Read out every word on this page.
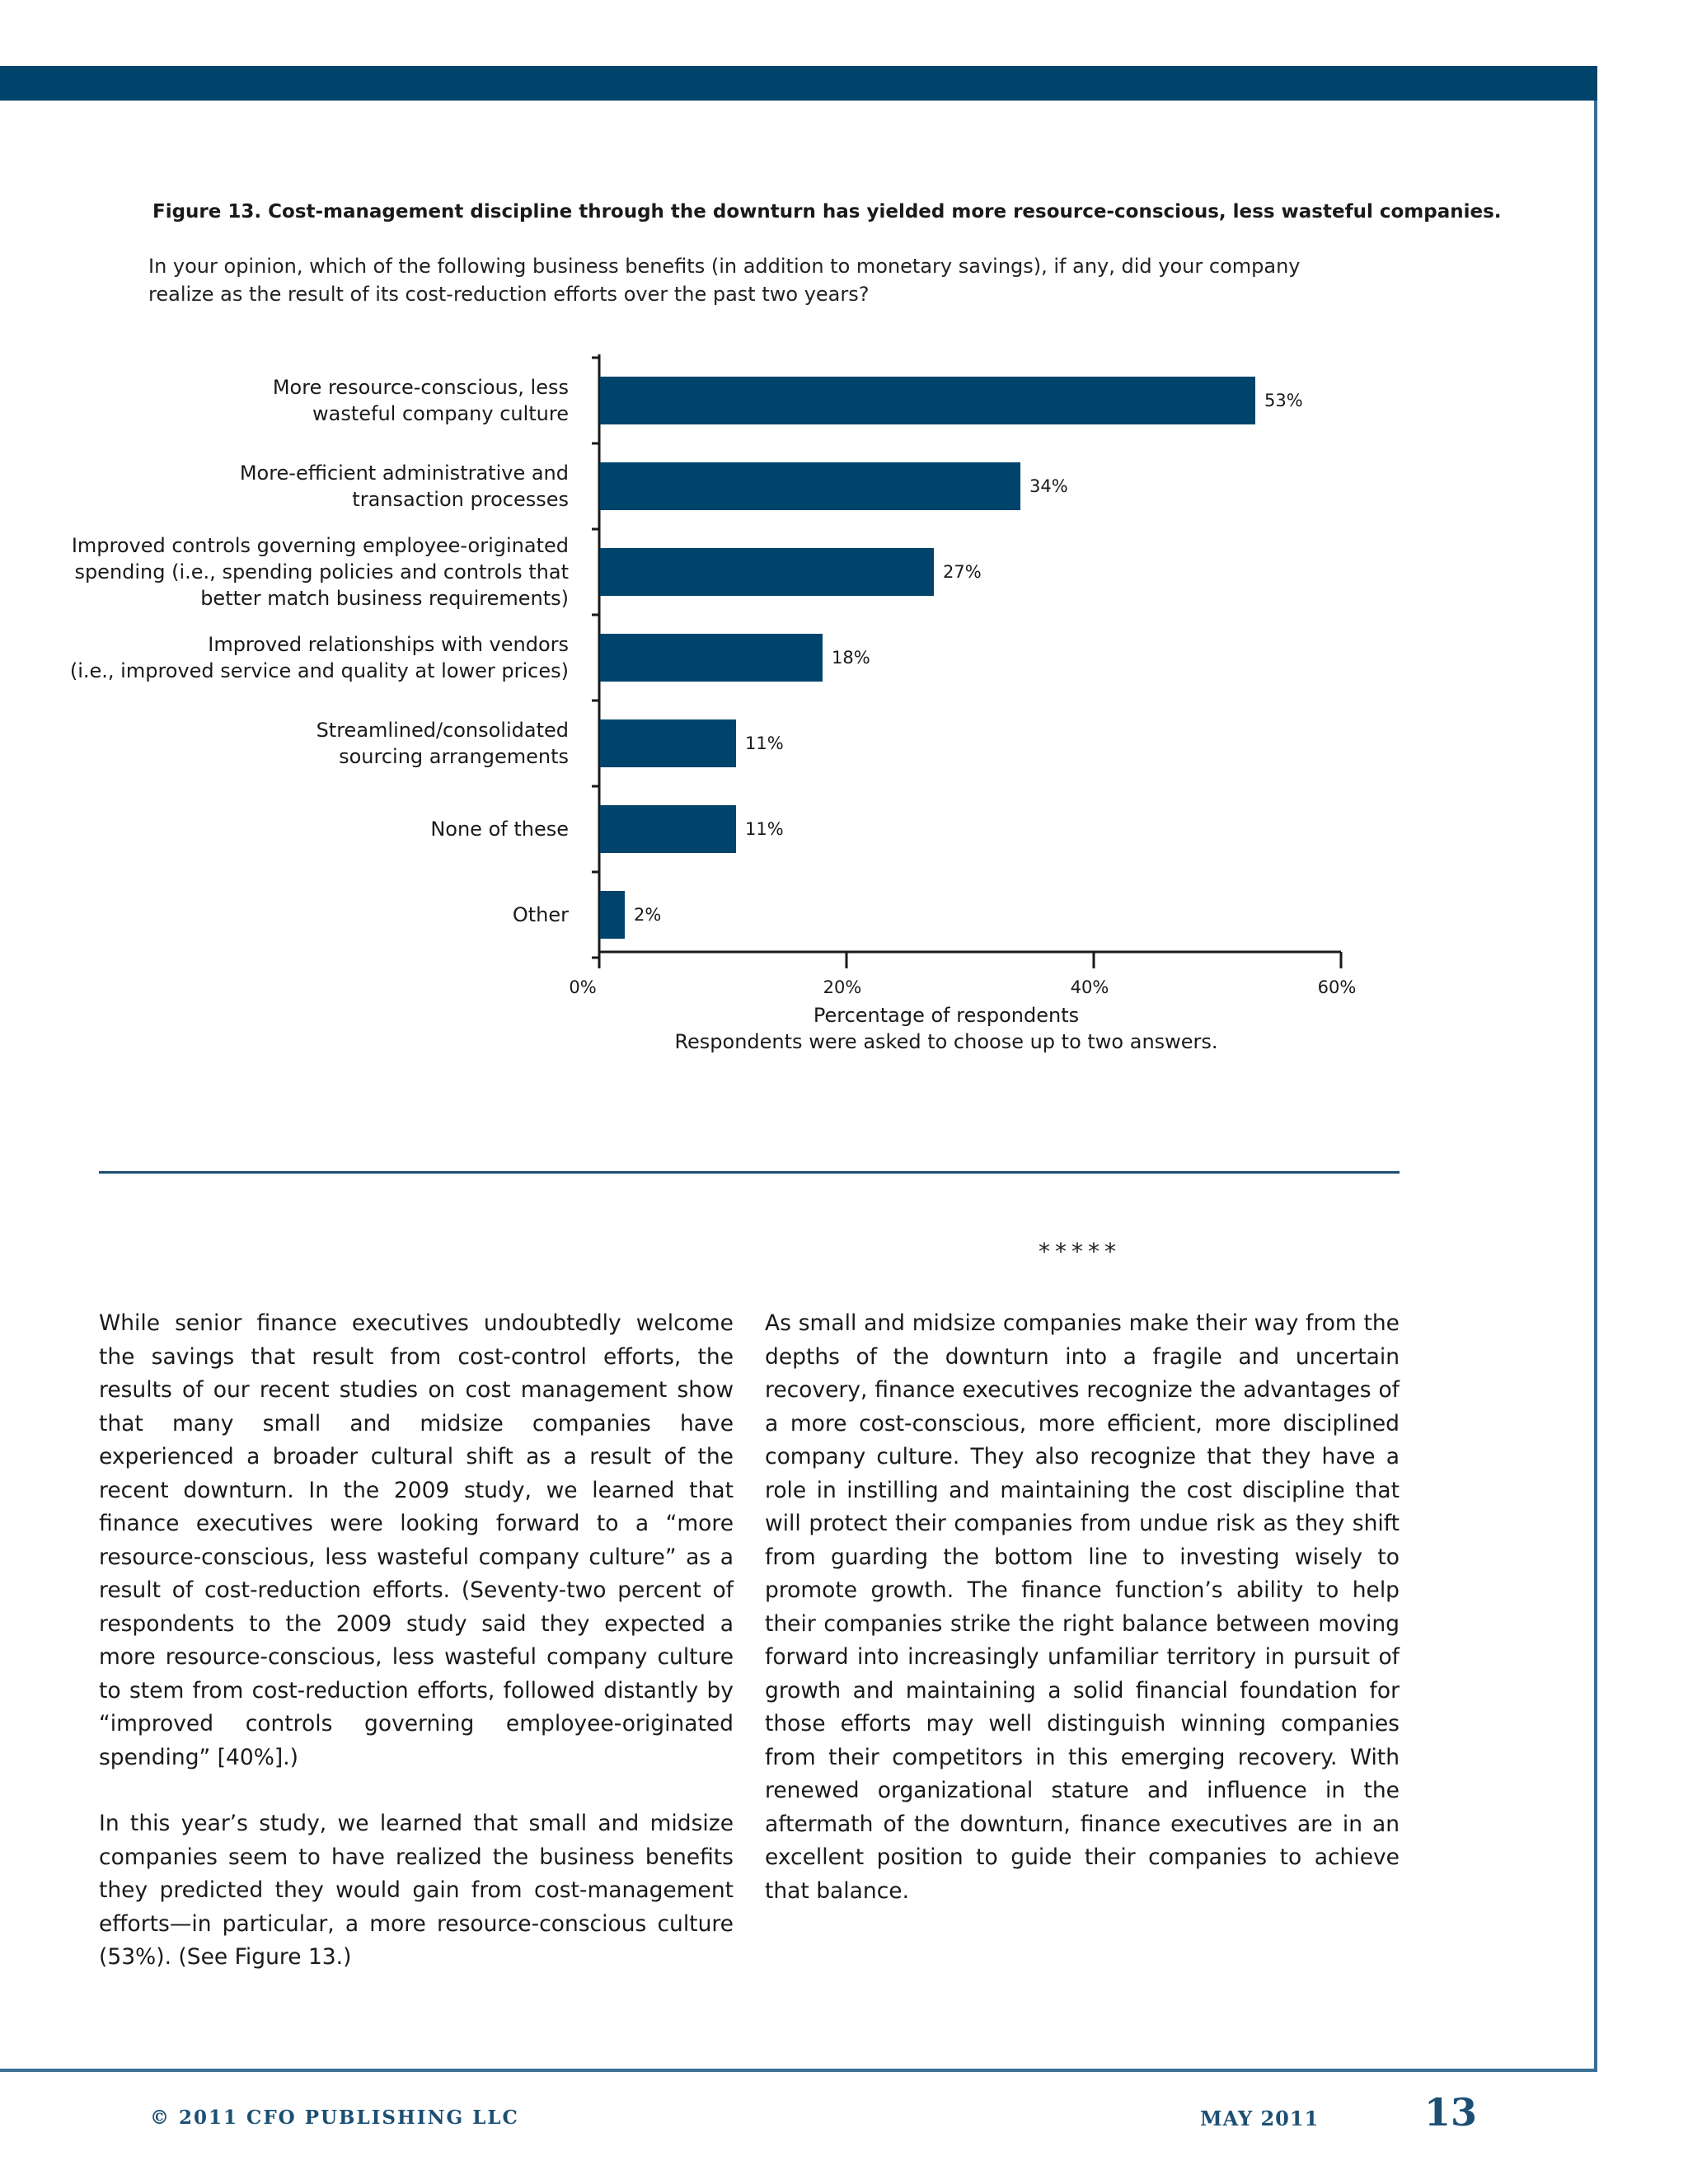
Figure 13. Cost-management discipline through the downturn has yielded more resource-conscious, less wasteful companies.
In your opinion, which of the following business benefits (in addition to monetary savings), if any, did your company realize as the result of its cost-reduction efforts over the past two years?
53%
More resource-conscious, less
wasteful company culture
34%
More-efficient administrative and
transaction processes
27%
Improved controls governing employee-originated
spending (i.e., spending policies and controls that
better match business requirements)
18%
Improved relationships with vendors
(i.e., improved service and quality at lower prices)
11%
Streamlined/consolidated
sourcing arrangements
11%
None of these
2%
Other
0%	20%	40%	60%
Percentage of respondents
Respondents were asked to choose up to two answers.
*****

While senior finance executives undoubtedly welcome the savings that result from cost-control efforts, the results of our recent studies on cost management show that many small and midsize companies have experienced a broader cultural shift as a result of the recent downturn. In the 2009 study, we learned that finance executives were looking forward to a “more resource-conscious, less wasteful company culture” as a result of cost-reduction efforts. (Seventy-two percent of respondents to the 2009 study said they expected a more resource-conscious, less wasteful company culture to stem from cost-reduction efforts, followed distantly by “improved controls governing employee-originated spending” [40%].)

In this year’s study, we learned that small and midsize companies seem to have realized the business benefits they predicted they would gain from cost-management efforts—in particular, a more resource-conscious culture (53%). (See Figure 13.)

As small and midsize companies make their way from the depths of the downturn into a fragile and uncertain recovery, finance executives recognize the advantages of a more cost-conscious, more efficient, more disciplined company culture. They also recognize that they have a role in instilling and maintaining the cost discipline that will protect their companies from undue risk as they shift from guarding the bottom line to investing wisely to promote growth. The finance function’s ability to help their companies strike the right balance between moving forward into increasingly unfamiliar territory in pursuit of growth and maintaining a solid financial foundation for those efforts may well distinguish winning companies from their competitors in this emerging recovery. With renewed organizational stature and influence in the aftermath of the downturn, finance executives are in an excellent position to guide their companies to achieve that balance.

© 2011 CFO PUBLISHING LLC	MAY 2011	13
